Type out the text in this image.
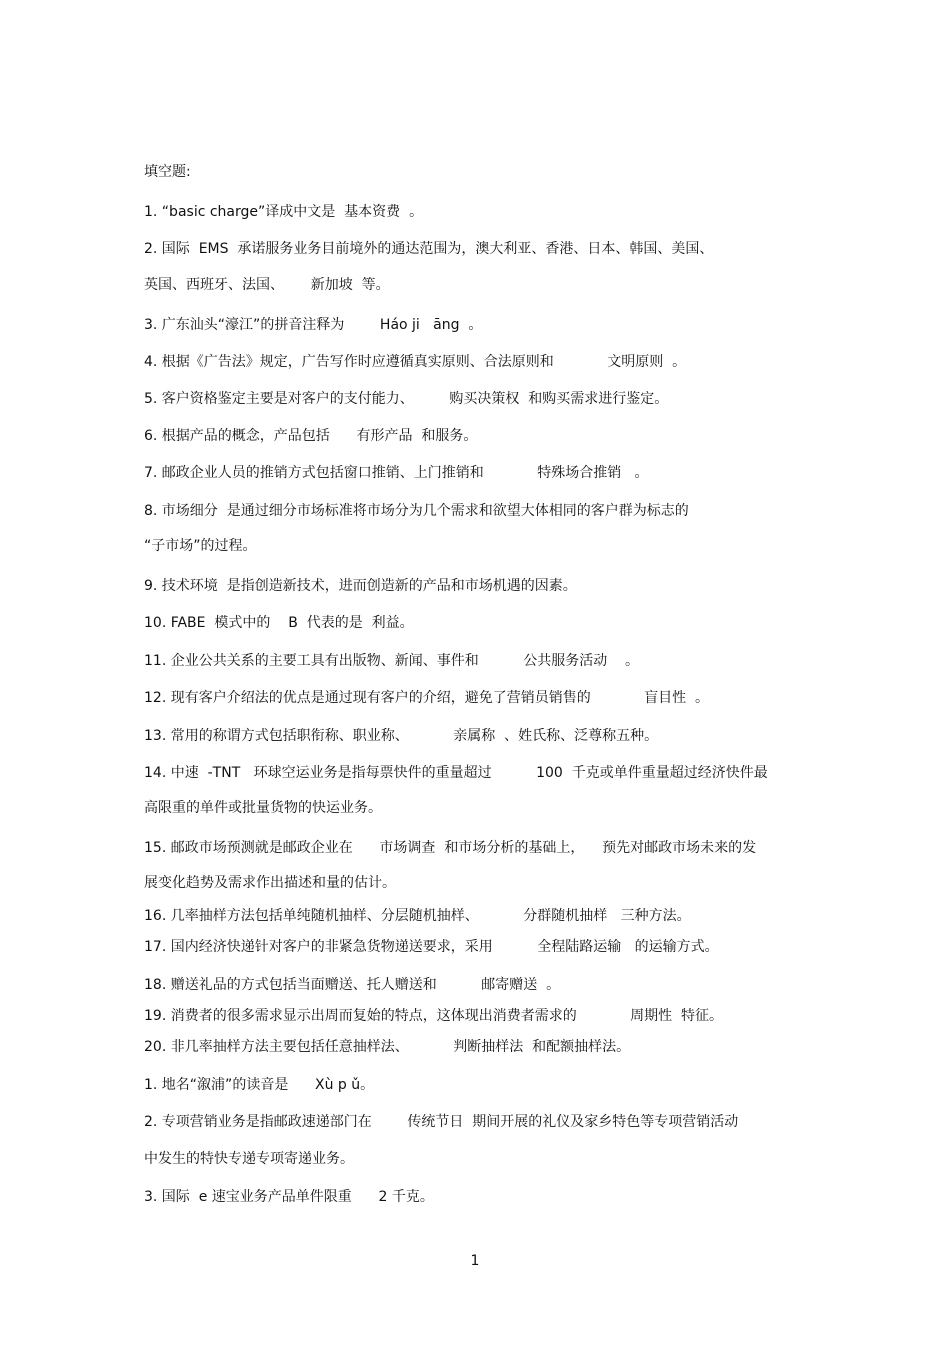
填空题:
1. “basic charge”译成中文是  基本资费  。
2. 国际  EMS  承诺服务业务目前境外的通达范围为，澳大利亚、香港、日本、韩国、美国、
英国、西班牙、法国、      新加坡  等。
3. 广东汕头“濠江”的拼音注释为        Háo ji   āng  。
4. 根据《广告法》规定，广告写作时应遵循真实原则、合法原则和            文明原则  。
5. 客户资格鉴定主要是对客户的支付能力、        购买决策权  和购买需求进行鉴定。
6. 根据产品的概念，产品包括      有形产品  和服务。
7. 邮政企业人员的推销方式包括窗口推销、上门推销和            特殊场合推销   。
8. 市场细分  是通过细分市场标准将市场分为几个需求和欲望大体相同的客户群为标志的
“子市场”的过程。
9. 技术环境  是指创造新技术，进而创造新的产品和市场机遇的因素。
10. FABE  模式中的    B  代表的是  利益。
11. 企业公共关系的主要工具有出版物、新闻、事件和          公共服务活动    。
12. 现有客户介绍法的优点是通过现有客户的介绍，避免了营销员销售的            盲目性  。
13. 常用的称谓方式包括职衔称、职业称、          亲属称  、姓氏称、泛尊称五种。
14. 中速  -TNT   环球空运业务是指每票快件的重量超过          100  千克或单件重量超过经济快件最
高限重的单件或批量货物的快运业务。
15. 邮政市场预测就是邮政企业在      市场调查  和市场分析的基础上，    预先对邮政市场未来的发
展变化趋势及需求作出描述和量的估计。
16. 几率抽样方法包括单纯随机抽样、分层随机抽样、          分群随机抽样   三种方法。
17. 国内经济快递针对客户的非紧急货物递送要求，采用          全程陆路运输   的运输方式。
18. 赠送礼品的方式包括当面赠送、托人赠送和          邮寄赠送  。
19. 消费者的很多需求显示出周而复始的特点，这体现出消费者需求的            周期性  特征。
20. 非几率抽样方法主要包括任意抽样法、          判断抽样法  和配额抽样法。
1. 地名“溆浦”的读音是      Xù p ǔ。
2. 专项营销业务是指邮政速递部门在        传统节日  期间开展的礼仪及家乡特色等专项营销活动
中发生的特快专递专项寄递业务。
3. 国际  e 速宝业务产品单件限重      2 千克。
1
